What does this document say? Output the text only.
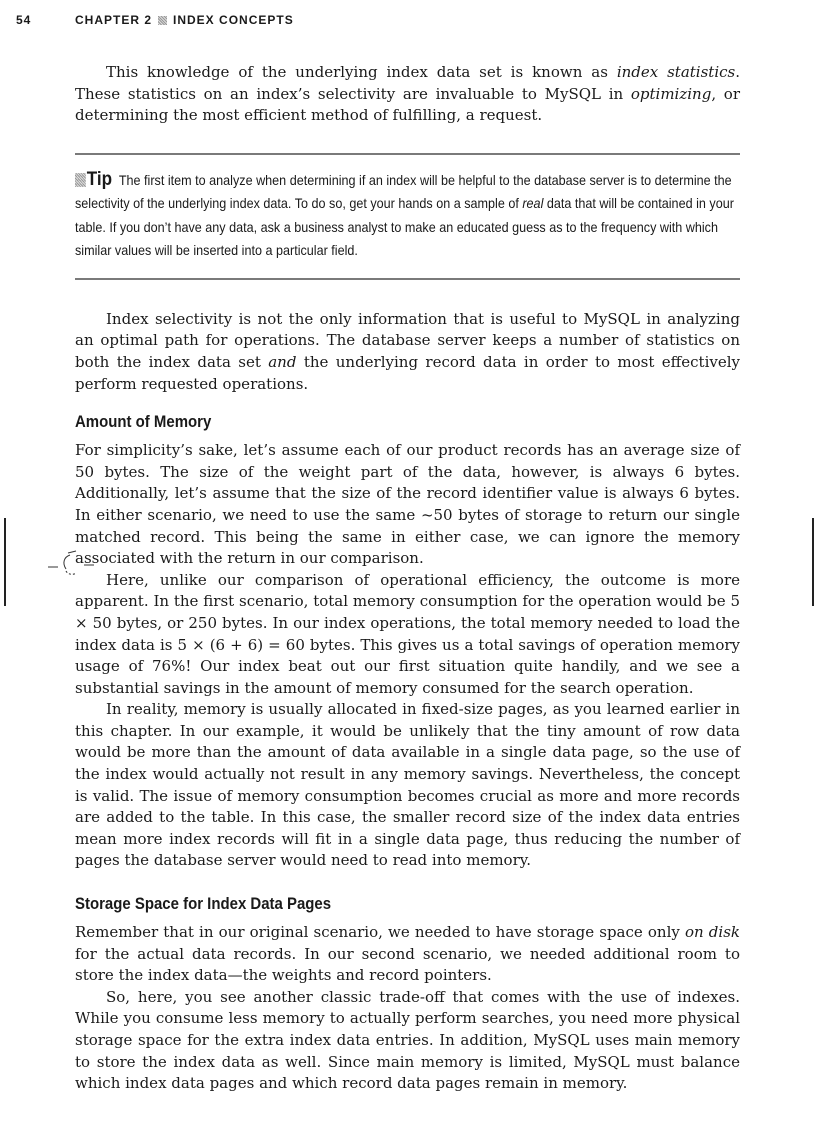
54	CHAPTER 2 INDEX CONCEPTS

This knowledge of the underlying index data set is known as index statistics. These statistics on an index’s selectivity are invaluable to MySQL in optimizing, or determining the most efficient method of fulfilling, a request.

Tip The first item to analyze when determining if an index will be helpful to the database server is to determine the selectivity of the underlying index data. To do so, get your hands on a sample of real data that will be contained in your table. If you don’t have any data, ask a business analyst to make an educated guess as to the frequency with which similar values will be inserted into a particular field.

Index selectivity is not the only information that is useful to MySQL in analyzing an optimal path for operations. The database server keeps a number of statistics on both the index data set and the underlying record data in order to most effectively perform requested operations.

Amount of Memory

For simplicity’s sake, let’s assume each of our product records has an average size of 50 bytes. The size of the weight part of the data, however, is always 6 bytes. Additionally, let’s assume that the size of the record identifier value is always 6 bytes. In either scenario, we need to use the same ~50 bytes of storage to return our single matched record. This being the same in either case, we can ignore the memory associated with the return in our comparison.

Here, unlike our comparison of operational efficiency, the outcome is more apparent. In the first scenario, total memory consumption for the operation would be 5 × 50 bytes, or 250 bytes. In our index operations, the total memory needed to load the index data is 5 × (6 + 6) = 60 bytes. This gives us a total savings of operation memory usage of 76%! Our index beat out our first situation quite handily, and we see a substantial savings in the amount of memory consumed for the search operation.

In reality, memory is usually allocated in fixed-size pages, as you learned earlier in this chapter. In our example, it would be unlikely that the tiny amount of row data would be more than the amount of data available in a single data page, so the use of the index would actually not result in any memory savings. Nevertheless, the concept is valid. The issue of memory consumption becomes crucial as more and more records are added to the table. In this case, the smaller record size of the index data entries mean more index records will fit in a single data page, thus reducing the number of pages the database server would need to read into memory.

Storage Space for Index Data Pages

Remember that in our original scenario, we needed to have storage space only on disk for the actual data records. In our second scenario, we needed additional room to store the index data—the weights and record pointers.

So, here, you see another classic trade-off that comes with the use of indexes. While you consume less memory to actually perform searches, you need more physical storage space for the extra index data entries. In addition, MySQL uses main memory to store the index data as well. Since main memory is limited, MySQL must balance which index data pages and which record data pages remain in memory.
